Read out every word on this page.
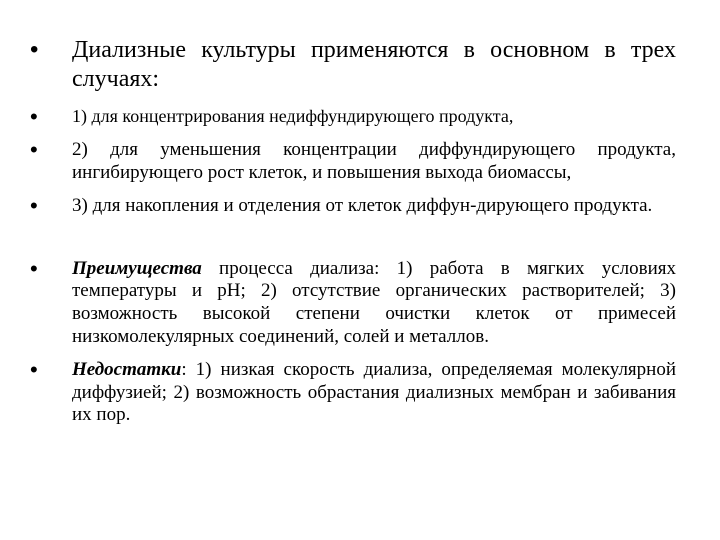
• Диализные культуры применяются в основном в трех случаях:
• 1) для концентрирования недиффундирующего продукта,
• 2) для уменьшения концентрации диффундирующего продукта, ингибирующего рост клеток, и повышения выхода биомассы,
• 3) для накопления и отделения от клеток диффун-дирующего продукта.
• Преимущества процесса диализа: 1) работа в мягких условиях температуры и рН; 2) отсутствие органических растворителей; 3) возможность высокой степени очистки клеток от примесей низкомолекулярных соединений, солей и металлов.
• Недостатки: 1) низкая скорость диализа, определяемая молекулярной диффузией; 2) возможность обрастания диализных мембран и забивания их пор.
